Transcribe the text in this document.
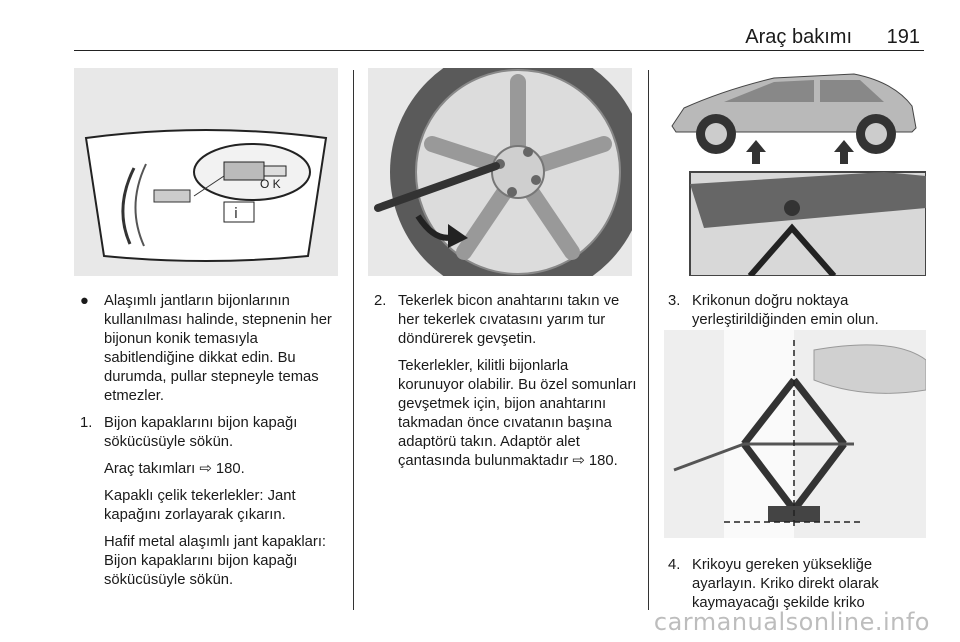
Araç bakımı 191
i
O K

● Alaşımlı jantların bijonlarının kullanılması halinde, stepnenin her bijonun konik temasıyla sabitlendiğine dikkat edin. Bu durumda, pullar stepneyle temas etmezler.

1. Bijon kapaklarını bijon kapağı sökücüsüyle sökün.

Araç takımları ⇨ 180.

Kapaklı çelik tekerlekler: Jant kapağını zorlayarak çıkarın.

Hafif metal alaşımlı jant kapakları: Bijon kapaklarını bijon kapağı sökücüsüyle sökün.

2. Tekerlek bicon anahtarını takın ve her tekerlek cıvatasını yarım tur döndürerek gevşetin.

Tekerlekler, kilitli bijonlarla korunuyor olabilir. Bu özel somunları gevşetmek için, bijon anahtarını takmadan önce cıvatanın başına adaptörü takın. Adaptör alet çantasında bulunmaktadır ⇨ 180.

3. Krikonun doğru noktaya yerleştirildiğinden emin olun.

4. Krikoyu gereken yüksekliğe ayarlayın. Kriko direkt olarak kaymayacağı şekilde kriko

carmanualsonline.info
